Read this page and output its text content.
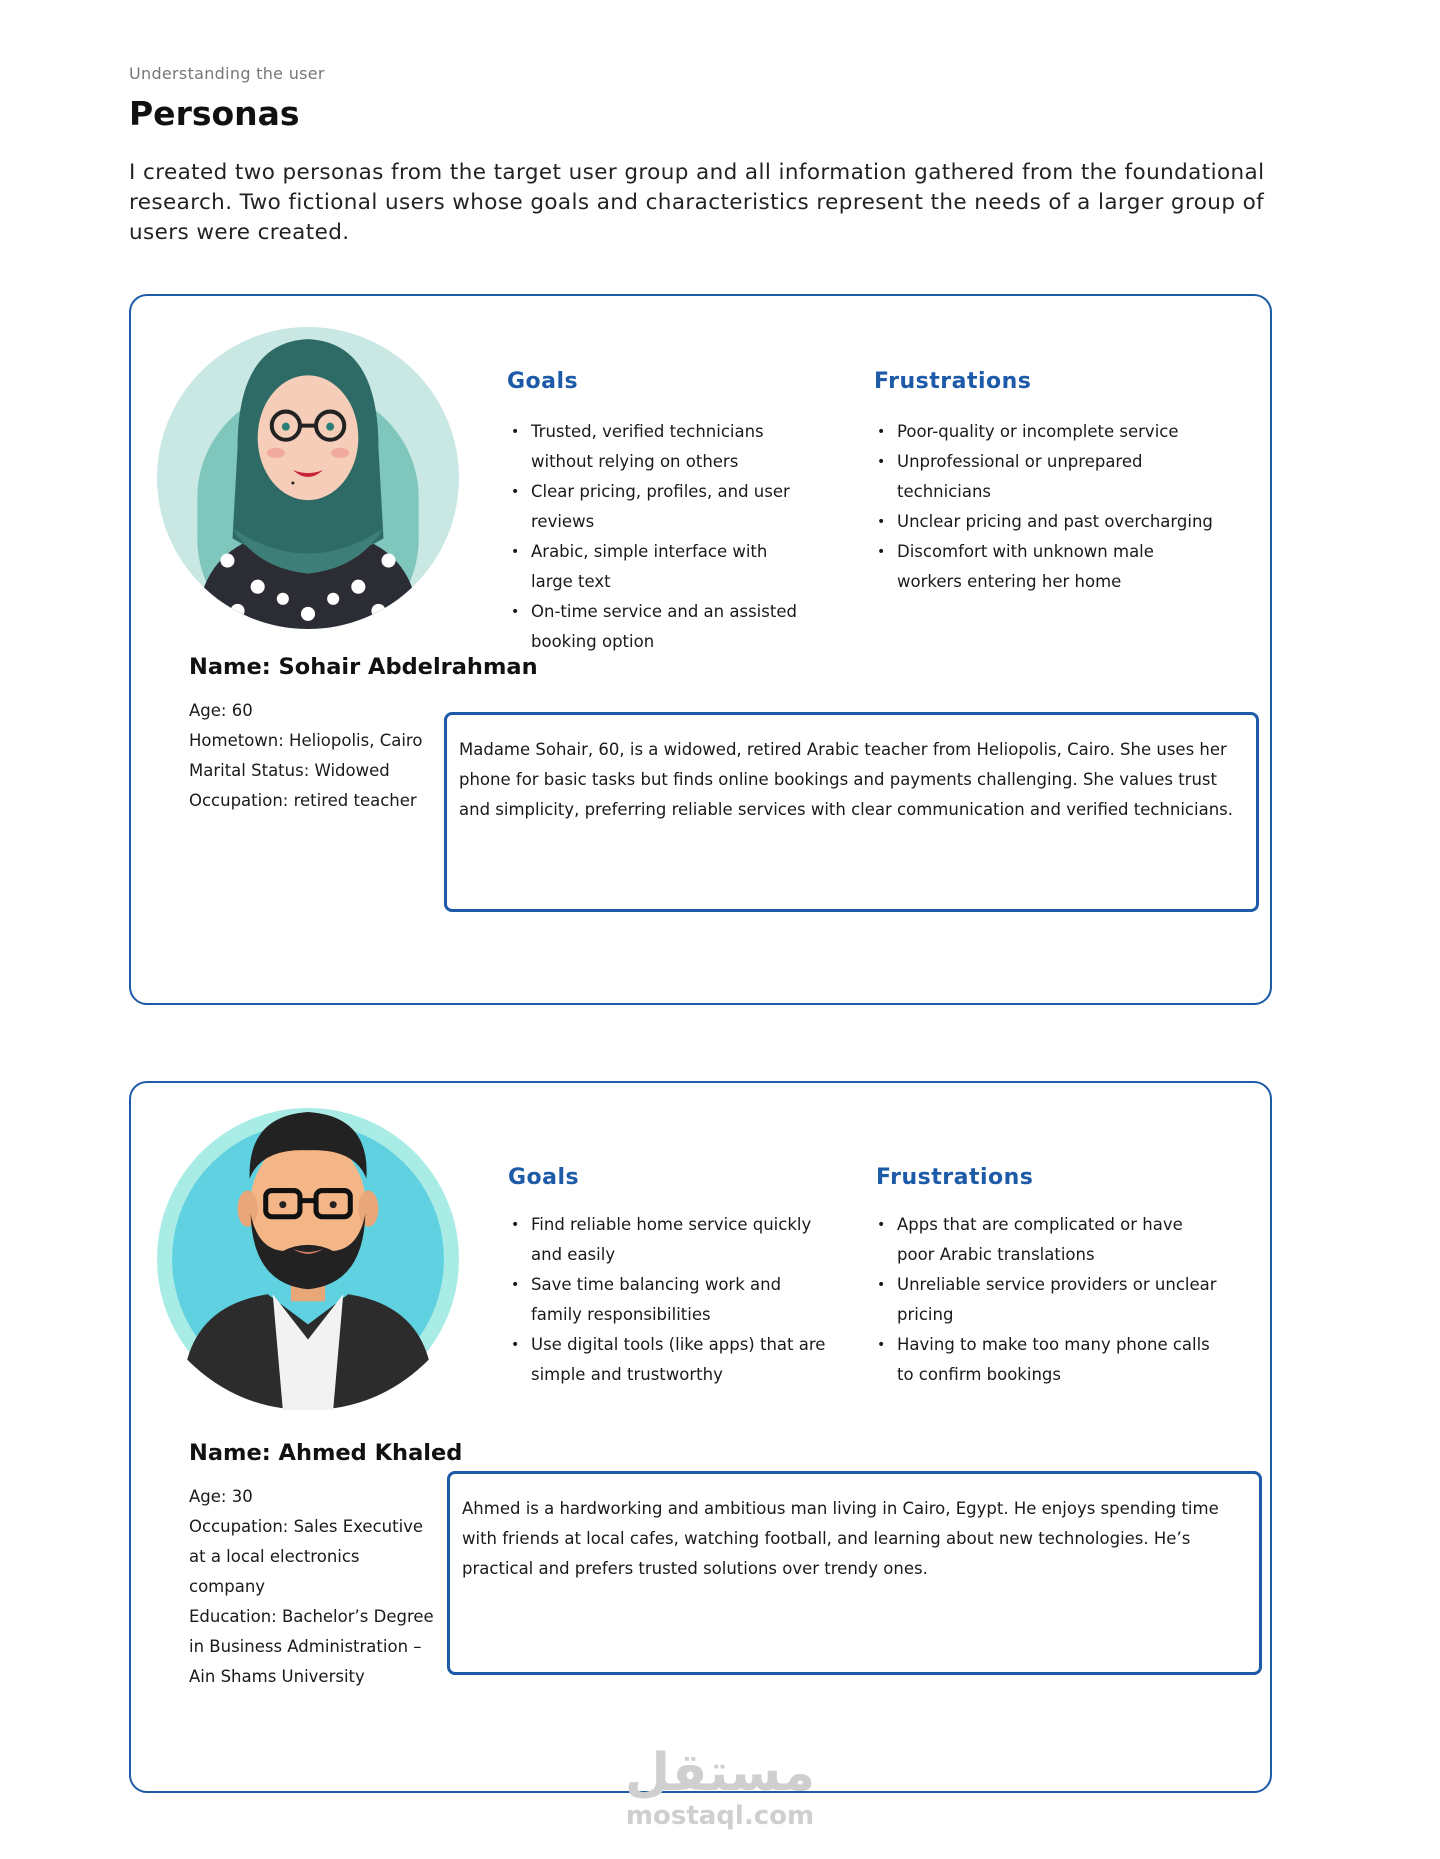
Understanding the user
Personas

I created two personas from the target user group and all information gathered from the foundational research. Two fictional users whose goals and characteristics represent the needs of a larger group of users were created.

Goals
• Trusted, verified technicians without relying on others
• Clear pricing, profiles, and user reviews
• Arabic, simple interface with large text
• On-time service and an assisted booking option
Frustrations
• Poor-quality or incomplete service
• Unprofessional or unprepared technicians
• Unclear pricing and past overcharging
• Discomfort with unknown male workers entering her home
Name: Sohair Abdelrahman
Age: 60
Hometown: Heliopolis, Cairo
Marital Status: Widowed
Occupation: retired teacher
Madame Sohair, 60, is a widowed, retired Arabic teacher from Heliopolis, Cairo. She uses her phone for basic tasks but finds online bookings and payments challenging. She values trust and simplicity, preferring reliable services with clear communication and verified technicians.
Goals
• Find reliable home service quickly and easily
• Save time balancing work and family responsibilities
• Use digital tools (like apps) that are simple and trustworthy
Frustrations
• Apps that are complicated or have poor Arabic translations
• Unreliable service providers or unclear pricing
• Having to make too many phone calls to confirm bookings
Name: Ahmed Khaled
Age: 30
Occupation: Sales Executive at a local electronics company
Education: Bachelor’s Degree in Business Administration – Ain Shams University
Ahmed is a hardworking and ambitious man living in Cairo, Egypt. He enjoys spending time with friends at local cafes, watching football, and learning about new technologies. He’s practical and prefers trusted solutions over trendy ones.
مستقل
mostaql.com
